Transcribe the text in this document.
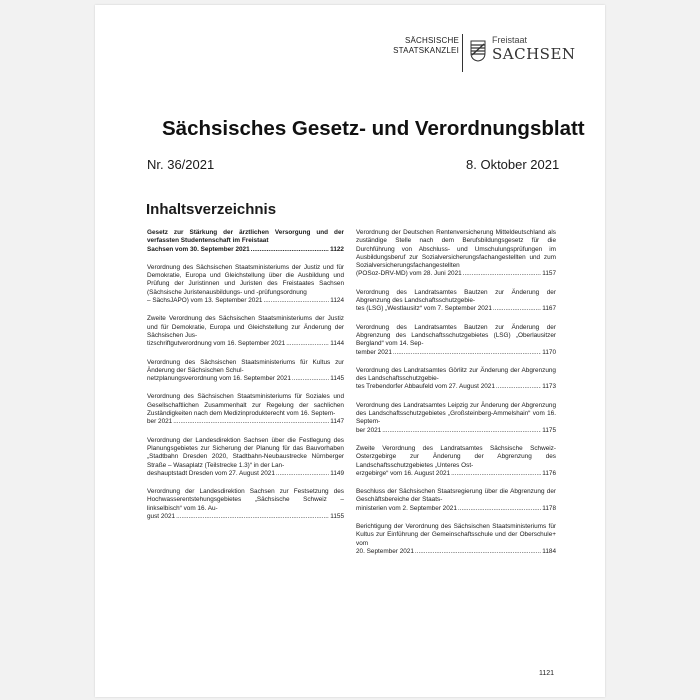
SÄCHSISCHE
STAATSKANZLEI
Freistaat
SACHSEN
Sächsisches Gesetz- und Verordnungsblatt
Nr. 36/2021	8. Oktober 2021
Inhaltsverzeichnis
Gesetz zur Stärkung der ärztlichen Versorgung und der verfassten Studentenschaft im Freistaat
Sachsen vom 30. September 2021 .....	1122
Verordnung des Sächsischen Staatsministeriums der Justiz und für Demokratie, Europa und Gleichstellung über die Ausbildung und Prüfung der Juristinnen und Juristen des Freistaates Sachsen (Sächsische Juristenausbildungs- und -prüfungsordnung
– SächsJAPO) vom 13. September 2021 .....	1124
Zweite Verordnung des Sächsischen Staatsministeriums der Justiz und für Demokratie, Europa und Gleichstellung zur Änderung der Sächsischen Jus-
tizschriftgutverordnung vom 16. September 2021 .....	1144
Verordnung des Sächsischen Staatsministeriums für Kultus zur Änderung der Sächsischen Schul-
netzplanungsverordnung vom 16. September 2021 .....	1145
Verordnung des Sächsischen Staatsministeriums für Soziales und Gesellschaftlichen Zusammenhalt zur Regelung der sachlichen Zuständigkeiten nach dem Medizinprodukterecht vom 16. Septem-
ber 2021 .....	1147
Verordnung der Landesdirektion Sachsen über die Festlegung des Planungsgebietes zur Sicherung der Planung für das Bauvorhaben „Stadtbahn Dresden 2020, Stadtbahn-Neubaustrecke Nürnberger Straße – Wasaplatz (Teilstrecke 1.3)“ in der Lan-
deshauptstadt Dresden vom 27. August 2021 .....	1149
Verordnung der Landesdirektion Sachsen zur Festsetzung des Hochwasserentstehungsgebietes „Sächsische Schweiz – linkselbisch“ vom 16. Au-
gust 2021 .....	1155
Verordnung der Deutschen Rentenversicherung Mitteldeutschland als zuständige Stelle nach dem Berufsbildungsgesetz für die Durchführung von Abschluss- und Umschulungsprüfungen im Ausbildungsberuf zur Sozialversicherungsfachangestellten und zum Sozialversicherungsfachangestellten
(POSoz-DRV-MD) vom 28. Juni 2021 .....	1157
Verordnung des Landratsamtes Bautzen zur Änderung der Abgrenzung des Landschaftsschutzgebie-
tes (LSG) „Westlausitz“ vom 7. September 2021 .....	1167
Verordnung des Landratsamtes Bautzen zur Änderung der Abgrenzung des Landschaftsschutzgebietes (LSG) „Oberlausitzer Bergland“ vom 14. Sep-
tember 2021 .....	1170
Verordnung des Landratsamtes Görlitz zur Änderung der Abgrenzung des Landschaftsschutzgebie-
tes Trebendorfer Abbaufeld vom 27. August 2021 .....	1173
Verordnung des Landratsamtes Leipzig zur Änderung der Abgrenzung des Landschaftsschutzgebietes „Großsteinberg-Ammelshain“ vom 16. Septem-
ber 2021 .....	1175
Zweite Verordnung des Landratsamtes Sächsische Schweiz-Osterzgebirge zur Änderung der Abgrenzung des Landschaftsschutzgebietes „Unteres Ost-
erzgebirge“ vom 16. August 2021 .....	1176
Beschluss der Sächsischen Staatsregierung über die Abgrenzung der Geschäftsbereiche der Staats-
ministerien vom 2. September 2021 .....	1178
Berichtigung der Verordnung des Sächsischen Staatsministeriums für Kultus zur Einführung der Gemeinschaftsschule und der Oberschule+ vom
20. September 2021 .....	1184
1121
